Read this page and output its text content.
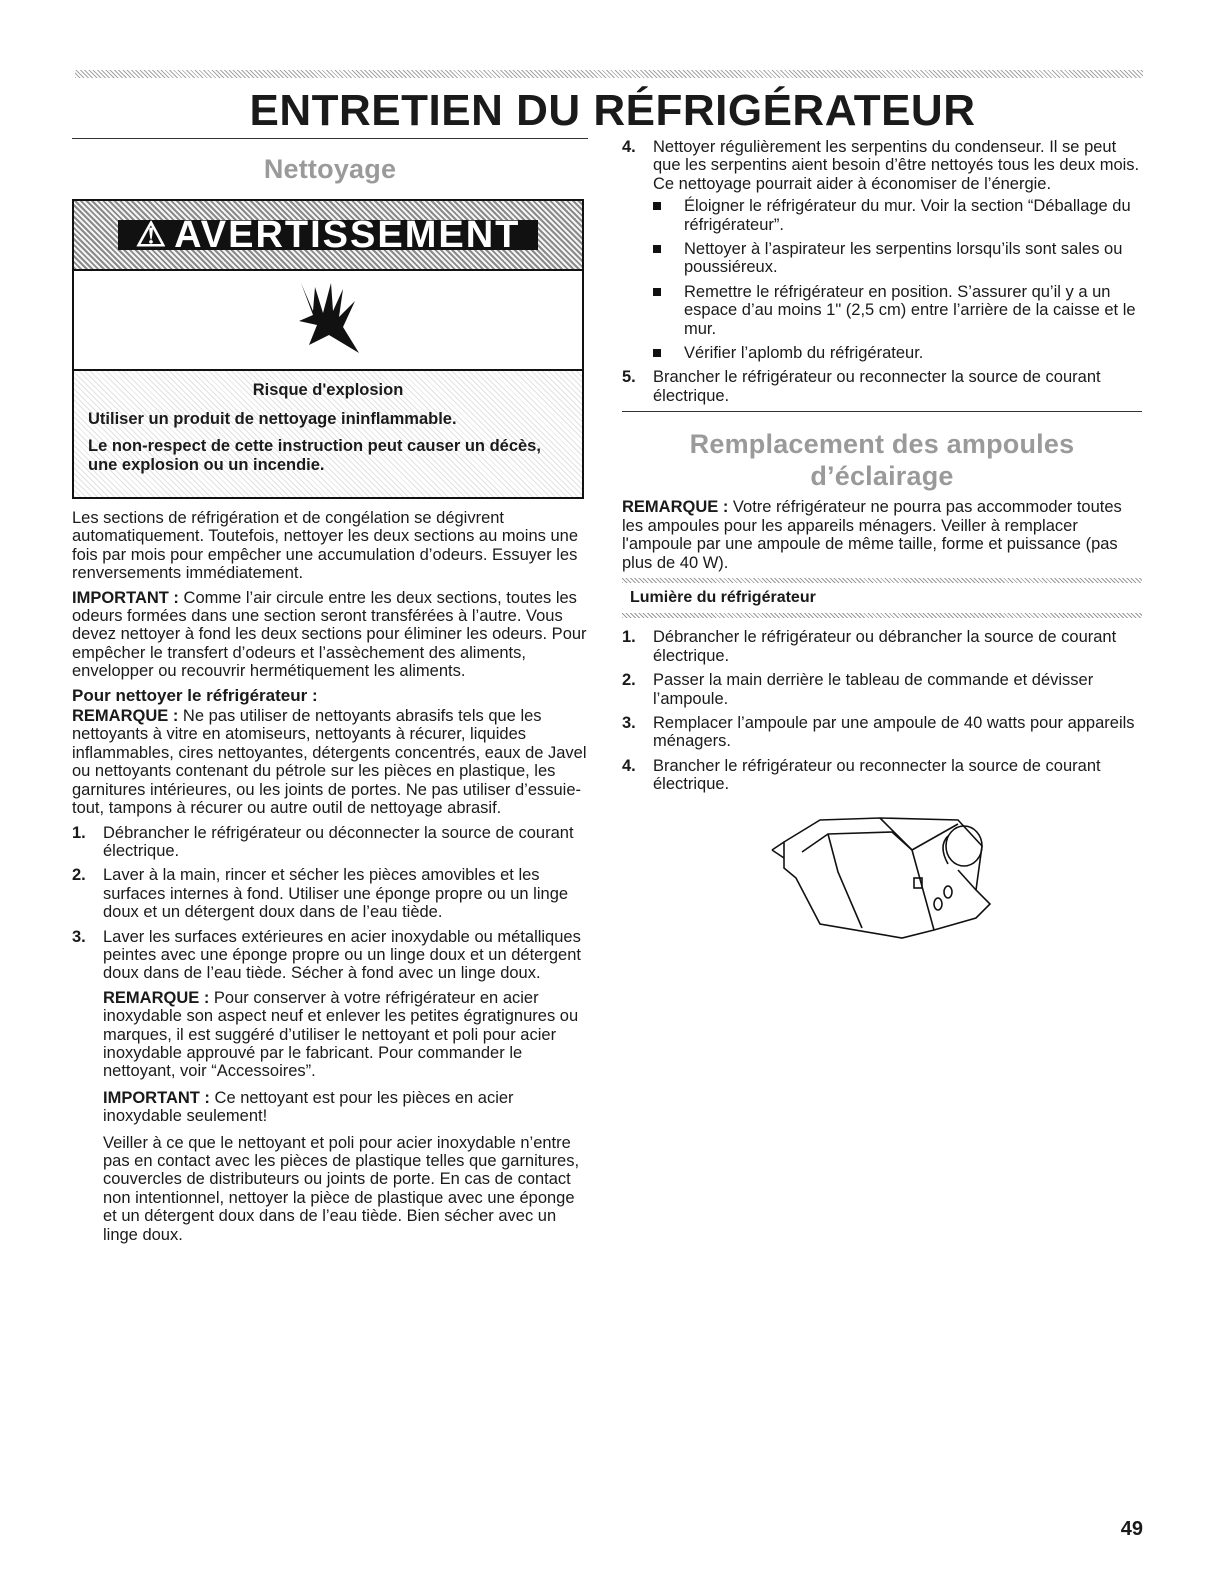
ENTRETIEN DU RÉFRIGÉRATEUR
Nettoyage
⚠ AVERTISSEMENT
Risque d'explosion

Utiliser un produit de nettoyage ininflammable.

Le non-respect de cette instruction peut causer un décès, une explosion ou un incendie.

Les sections de réfrigération et de congélation se dégivrent automatiquement. Toutefois, nettoyer les deux sections au moins une fois par mois pour empêcher une accumulation d’odeurs. Essuyer les renversements immédiatement.

IMPORTANT : Comme l’air circule entre les deux sections, toutes les odeurs formées dans une section seront transférées à l’autre. Vous devez nettoyer à fond les deux sections pour éliminer les odeurs. Pour empêcher le transfert d’odeurs et l’assèchement des aliments, envelopper ou recouvrir hermétiquement les aliments.

Pour nettoyer le réfrigérateur :

REMARQUE : Ne pas utiliser de nettoyants abrasifs tels que les nettoyants à vitre en atomiseurs, nettoyants à récurer, liquides inflammables, cires nettoyantes, détergents concentrés, eaux de Javel ou nettoyants contenant du pétrole sur les pièces en plastique, les garnitures intérieures, ou les joints de portes. Ne pas utiliser d’essuie-tout, tampons à récurer ou autre outil de nettoyage abrasif.

1. Débrancher le réfrigérateur ou déconnecter la source de courant électrique.
2. Laver à la main, rincer et sécher les pièces amovibles et les surfaces internes à fond. Utiliser une éponge propre ou un linge doux et un détergent doux dans de l’eau tiède.
3. Laver les surfaces extérieures en acier inoxydable ou métalliques peintes avec une éponge propre ou un linge doux et un détergent doux dans de l’eau tiède. Sécher à fond avec un linge doux.

REMARQUE : Pour conserver à votre réfrigérateur en acier inoxydable son aspect neuf et enlever les petites égratignures ou marques, il est suggéré d’utiliser le nettoyant et poli pour acier inoxydable approuvé par le fabricant. Pour commander le nettoyant, voir “Accessoires”.

IMPORTANT : Ce nettoyant est pour les pièces en acier inoxydable seulement!

Veiller à ce que le nettoyant et poli pour acier inoxydable n’entre pas en contact avec les pièces de plastique telles que garnitures, couvercles de distributeurs ou joints de porte. En cas de contact non intentionnel, nettoyer la pièce de plastique avec une éponge et un détergent doux dans de l’eau tiède. Bien sécher avec un linge doux.

4. Nettoyer régulièrement les serpentins du condenseur. Il se peut que les serpentins aient besoin d’être nettoyés tous les deux mois. Ce nettoyage pourrait aider à économiser de l’énergie.
Éloigner le réfrigérateur du mur. Voir la section “Déballage du réfrigérateur”.
Nettoyer à l’aspirateur les serpentins lorsqu’ils sont sales ou poussiéreux.
Remettre le réfrigérateur en position. S’assurer qu’il y a un espace d’au moins 1" (2,5 cm) entre l’arrière de la caisse et le mur.
Vérifier l’aplomb du réfrigérateur.
5. Brancher le réfrigérateur ou reconnecter la source de courant électrique.
Remplacement des ampoules
d’éclairage

REMARQUE : Votre réfrigérateur ne pourra pas accommoder toutes les ampoules pour les appareils ménagers. Veiller à remplacer l'ampoule par une ampoule de même taille, forme et puissance (pas plus de 40 W).

Lumière du réfrigérateur
1. Débrancher le réfrigérateur ou débrancher la source de courant électrique.
2. Passer la main derrière le tableau de commande et dévisser l’ampoule.
3. Remplacer l’ampoule par une ampoule de 40 watts pour appareils ménagers.
4. Brancher le réfrigérateur ou reconnecter la source de courant électrique.
49
